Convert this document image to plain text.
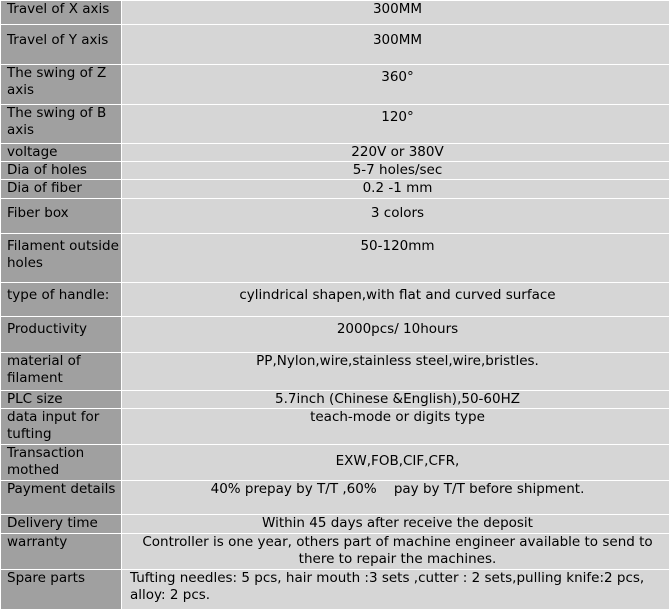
Travel of X axis	300MM
Travel of Y axis	300MM
The swing of Z axis	360°
The swing of B axis	120°
voltage	220V or 380V
Dia of holes	5-7 holes/sec
Dia of fiber	0.2 -1 mm
Fiber box	3 colors
Filament outside holes	50-120mm
type of handle:	cylindrical shapen,with flat and curved surface
Productivity	2000pcs/ 10hours
material of filament	PP,Nylon,wire,stainless steel,wire,bristles.
PLC size	5.7inch (Chinese &English),50-60HZ
data input for tufting	teach-mode or digits type
Transaction mothed	EXW,FOB,CIF,CFR,
Payment details	40% prepay by T/T ,60%    pay by T/T before shipment.
Delivery time	Within 45 days after receive the deposit
warranty	Controller is one year, others part of machine engineer available to send to there to repair the machines.
Spare parts	Tufting needles: 5 pcs, hair mouth :3 sets ,cutter : 2 sets,pulling knife:2 pcs, alloy: 2 pcs.
